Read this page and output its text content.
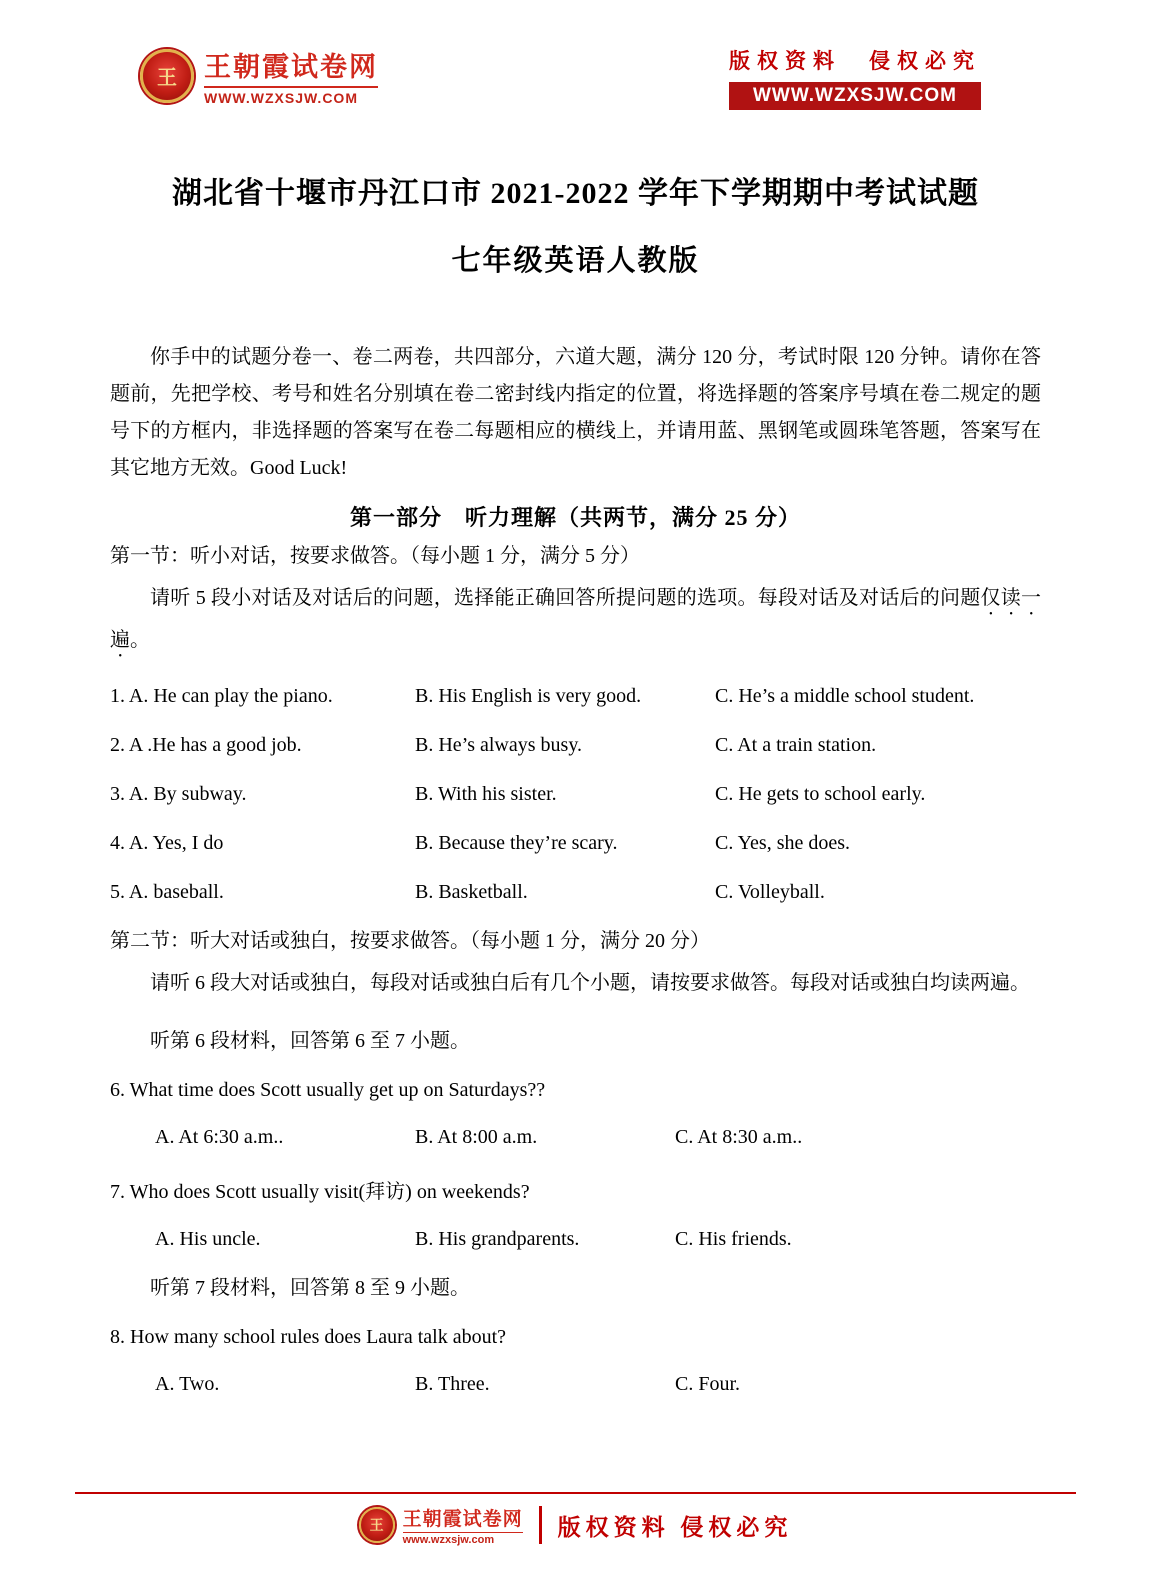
王	王朝霞试卷网
WWW.WZXSJW.COM
版权资料　侵权必究
WWW.WZXSJW.COM
湖北省十堰市丹江口市 2021-2022 学年下学期期中考试试题
七年级英语人教版

你手中的试题分卷一、卷二两卷，共四部分，六道大题，满分 120 分，考试时限 120 分钟。请你在答题前，先把学校、考号和姓名分别填在卷二密封线内指定的位置，将选择题的答案序号填在卷二规定的题号下的方框内，非选择题的答案写在卷二每题相应的横线上，并请用蓝、黑钢笔或圆珠笔答题，答案写在其它地方无效。Good Luck!

第一部分　听力理解（共两节，满分 25 分）

第一节：听小对话，按要求做答。（每小题 1 分，满分 5 分）

请听 5 段小对话及对话后的问题，选择能正确回答所提问题的选项。每段对话及对话后的问题仅读一遍。

1. A. He can play the piano.	B. His English is very good.	C. He’s a middle school student.
2. A .He has a good job.	B. He’s always busy.	C. At a train station.
3. A. By subway.	B. With his sister.	C. He gets to school early.
4. A. Yes, I do	B. Because they’re scary.	C. Yes, she does.
5. A. baseball.	B. Basketball.	C. Volleyball.

第二节：听大对话或独白，按要求做答。（每小题 1 分，满分 20 分）

请听 6 段大对话或独白，每段对话或独白后有几个小题，请按要求做答。每段对话或独白均读两遍。

听第 6 段材料，回答第 6 至 7 小题。

6. What time does Scott usually get up on Saturdays??

A. At 6:30 a.m..	B. At 8:00 a.m.	C. At 8:30 a.m..

7. Who does Scott usually visit(拜访) on weekends?

A. His uncle.	B. His grandparents.	C. His friends.

听第 7 段材料，回答第 8 至 9 小题。

8. How many school rules does Laura talk about?

A. Two.	B. Three.	C. Four.
王	王朝霞试卷网
www.wzxsjw.com
版权资料 侵权必究
